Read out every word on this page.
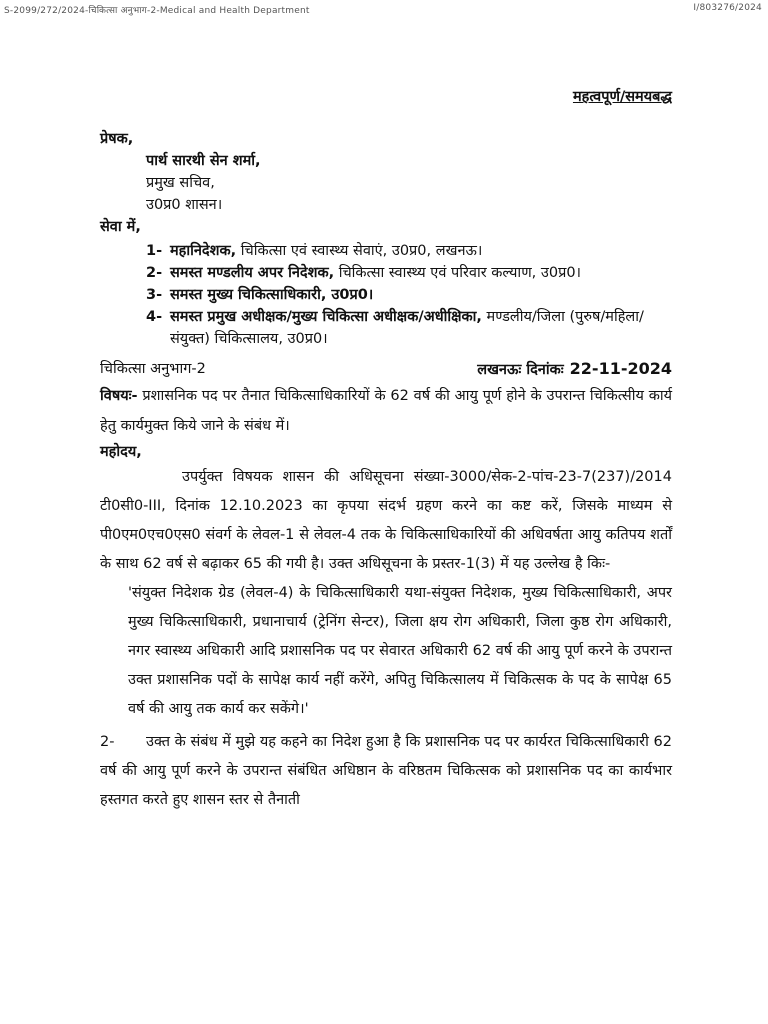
S-2099/272/2024-चिकित्सा अनुभाग-2-Medical and Health Department	I/803276/2024
महत्वपूर्ण/समयबद्ध
प्रेषक,
पार्थ सारथी सेन शर्मा,
प्रमुख सचिव,
उ0प्र0 शासन।
सेवा में,
1- महानिदेशक, चिकित्सा एवं स्वास्थ्य सेवाएं, उ0प्र0, लखनऊ।
2- समस्त मण्डलीय अपर निदेशक, चिकित्सा स्वास्थ्य एवं परिवार कल्याण, उ0प्र0।
3- समस्त मुख्य चिकित्साधिकारी, उ0प्र0।
4- समस्त प्रमुख अधीक्षक/मुख्य चिकित्सा अधीक्षक/अधीक्षिका, मण्डलीय/जिला (पुरुष/महिला/संयुक्त) चिकित्सालय, उ0प्र0।
चिकित्सा अनुभाग-2	लखनऊः दिनांकः 22-11-2024
विषयः- प्रशासनिक पद पर तैनात चिकित्साधिकारियों के 62 वर्ष की आयु पूर्ण होने के उपरान्त चिकित्सीय कार्य हेतु कार्यमुक्त किये जाने के संबंध में।
महोदय,
उपर्युक्त विषयक शासन की अधिसूचना संख्या-3000/सेक-2-पांच-23-7(237)/2014 टी0सी0-III, दिनांक 12.10.2023 का कृपया संदर्भ ग्रहण करने का कष्ट करें, जिसके माध्यम से पी0एम0एच0एस0 संवर्ग के लेवल-1 से लेवल-4 तक के चिकित्साधिकारियों की अधिवर्षता आयु कतिपय शर्तों के साथ 62 वर्ष से बढ़ाकर 65 की गयी है। उक्त अधिसूचना के प्रस्तर-1(3) में यह उल्लेख है किः-
'संयुक्त निदेशक ग्रेड (लेवल-4) के चिकित्साधिकारी यथा-संयुक्त निदेशक, मुख्य चिकित्साधिकारी, अपर मुख्य चिकित्साधिकारी, प्रधानाचार्य (ट्रेनिंग सेन्टर), जिला क्षय रोग अधिकारी, जिला कुष्ठ रोग अधिकारी, नगर स्वास्थ्य अधिकारी आदि प्रशासनिक पद पर सेवारत अधिकारी 62 वर्ष की आयु पूर्ण करने के उपरान्त उक्त प्रशासनिक पदों के सापेक्ष कार्य नहीं करेंगे, अपितु चिकित्सालय में चिकित्सक के पद के सापेक्ष 65 वर्ष की आयु तक कार्य कर सकेंगे।'
2- उक्त के संबंध में मुझे यह कहने का निदेश हुआ है कि प्रशासनिक पद पर कार्यरत चिकित्साधिकारी 62 वर्ष की आयु पूर्ण करने के उपरान्त संबंधित अधिष्ठान के वरिष्ठतम चिकित्सक को प्रशासनिक पद का कार्यभार हस्तगत करते हुए शासन स्तर से तैनाती
